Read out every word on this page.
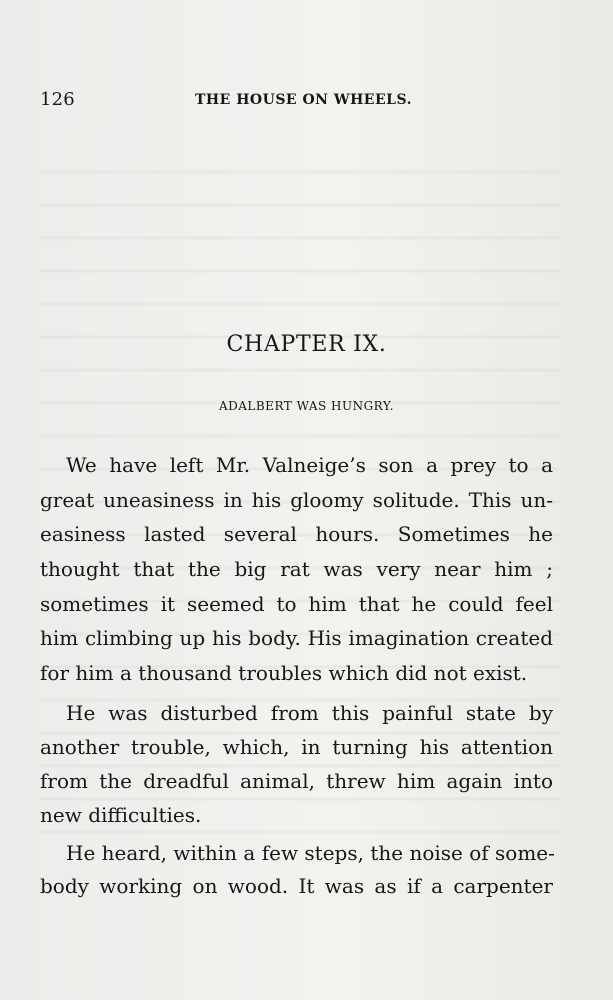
126	THE HOUSE ON WHEELS.
CHAPTER IX.
ADALBERT WAS HUNGRY.
We have left Mr. Valneige’s son a prey to a
great uneasiness in his gloomy solitude. This un-
easiness lasted several hours. Sometimes he
thought that the big rat was very near him ;
sometimes it seemed to him that he could feel
him climbing up his body. His imagination created
for him a thousand troubles which did not exist.
He was disturbed from this painful state by
another trouble, which, in turning his attention
from the dreadful animal, threw him again into
new difficulties.
He heard, within a few steps, the noise of some-
body working on wood. It was as if a carpenter
